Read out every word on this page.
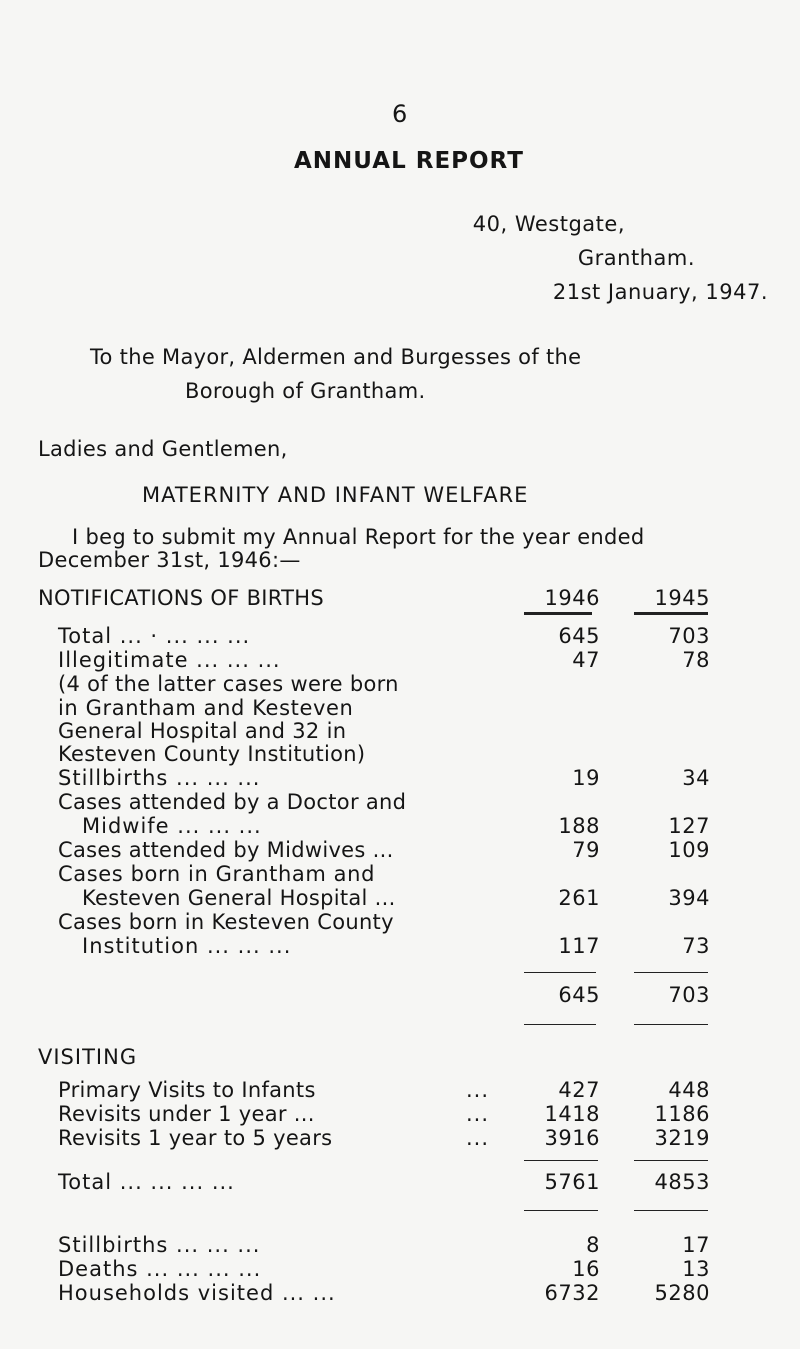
6
ANNUAL REPORT
40, Westgate,
Grantham.
21st January, 1947.
To the Mayor, Aldermen and Burgesses of the
Borough of Grantham.
Ladies and Gentlemen,
MATERNITY AND INFANT WELFARE
I beg to submit my Annual Report for the year ended
December 31st, 1946:—
NOTIFICATIONS OF BIRTHS	1946	1945
Total ... · ... ... ...	645	703
Illegitimate ... ... ...	47	78
(4 of the latter cases were born
in Grantham and Kesteven
General Hospital and 32 in
Kesteven County Institution)
Stillbirths ... ... ...	19	34
Cases attended by a Doctor and
Midwife ... ... ...	188	127
Cases attended by Midwives ...	79	109
Cases born in Grantham and
Kesteven General Hospital ...	261	394
Cases born in Kesteven County
Institution ... ... ...	117	73
645	703
VISITING
Primary Visits to Infants	...	427	448
Revisits under 1 year ...	...	1418	1186
Revisits 1 year to 5 years	...	3916	3219
Total ... ... ... ...	5761	4853
Stillbirths ... ... ...	8	17
Deaths ... ... ... ...	16	13
Households visited ... ...	6732	5280
